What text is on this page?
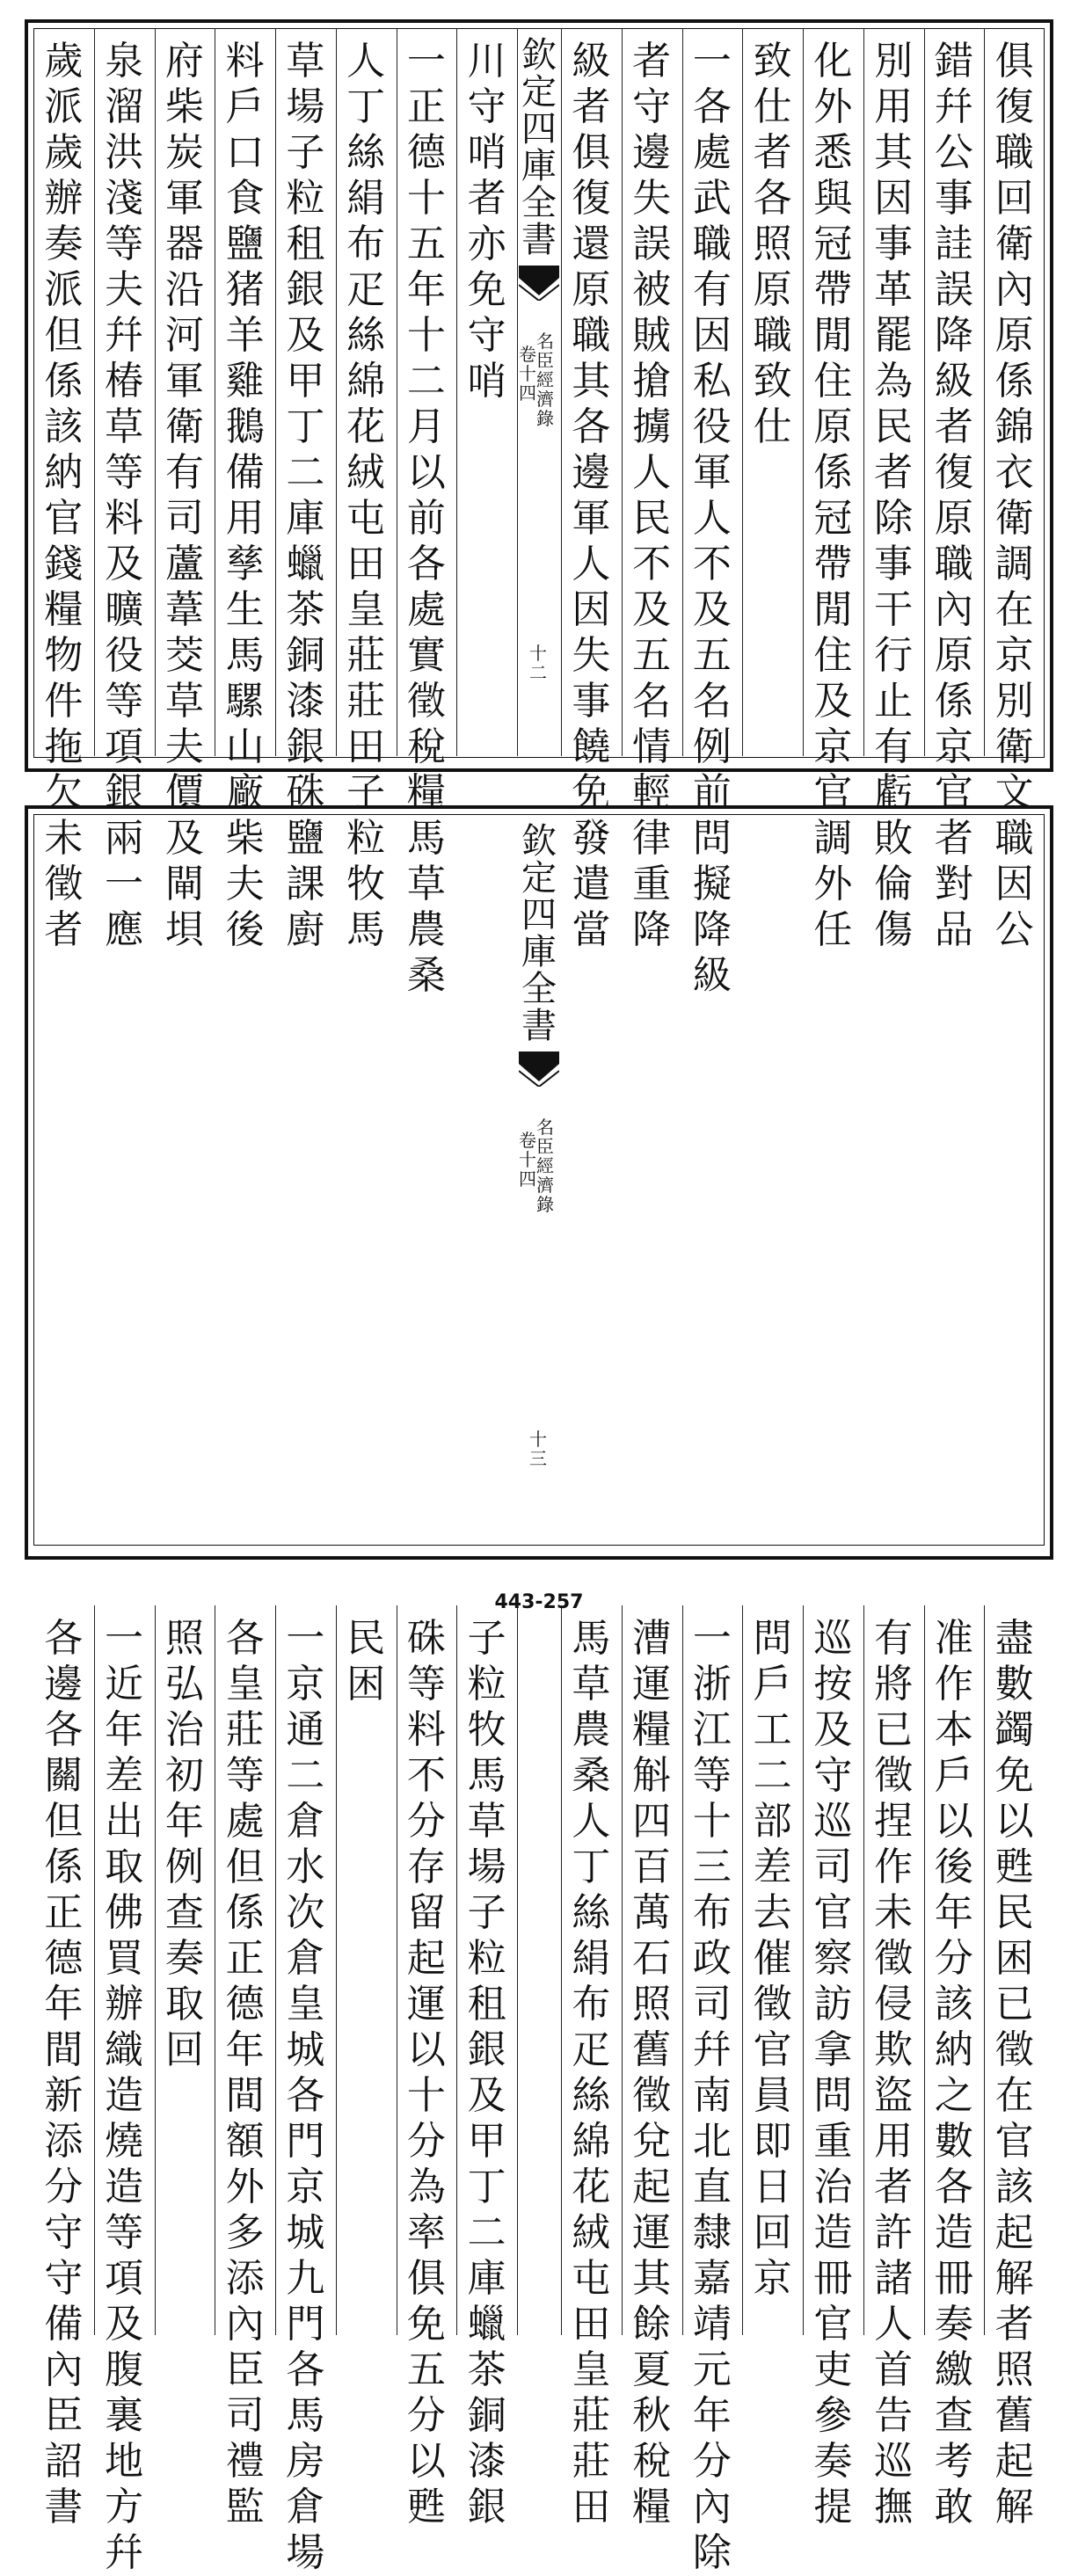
俱
復
職
回
衛
內
原
係
錦
衣
衛
調
在
京
別
衛
文
職
因
公
錯
幷
公
事
詿
誤
降
級
者
復
原
職
內
原
係
京
官
者
對
品
別
用
其
因
事
革
罷
為
民
者
除
事
干
行
止
有
虧
敗
倫
傷
化
外
悉
與
冠
帶
閒
住
原
係
冠
帶
閒
住
及
京
官
調
外
任
致
仕
者
各
照
原
職
致
仕
一
各
處
武
職
有
因
私
役
軍
人
不
及
五
名
例
前
問
擬
降
級
者
守
邊
失
誤
被
賊
搶
擄
人
民
不
及
五
名
情
輕
律
重
降
級
者
俱
復
還
原
職
其
各
邊
軍
人
因
失
事
饒
免
發
遣
當
川
守
哨
者
亦
免
守
哨
一
正
德
十
五
年
十
二
月
以
前
各
處
實
徵
稅
糧
馬
草
農
桑
人
丁
絲
絹
布
疋
絲
綿
花
絨
屯
田
皇
莊
莊
田
子
粒
牧
馬
草
場
子
粒
租
銀
及
甲
丁
二
庫
蠟
茶
銅
漆
銀
硃
鹽
課
廚
料
戶
口
食
鹽
猪
羊
雞
鵝
備
用
孳
生
馬
騾
山
廠
柴
夫
後
府
柴
炭
軍
器
沿
河
軍
衛
有
司
蘆
葦
茭
草
夫
價
及
閘
垻
泉
溜
洪
淺
等
夫
幷
椿
草
等
料
及
曠
役
等
項
銀
兩
一
應
歲
派
歲
辦
奏
派
但
係
該
納
官
錢
糧
物
件
拖
欠
未
徵
者
欽
定
四
庫
全
書
名
臣
經
濟
錄
卷
十
四
十
二
盡
數
蠲
免
以
甦
民
困
已
徵
在
官
該
起
解
者
照
舊
起
解
准
作
本
戶
以
後
年
分
該
納
之
數
各
造
冊
奏
繳
查
考
敢
有
將
已
徵
捏
作
未
徵
侵
欺
盜
用
者
許
諸
人
首
告
巡
撫
巡
按
及
守
巡
司
官
察
訪
拿
問
重
治
造
冊
官
吏
參
奏
提
問
戶
工
二
部
差
去
催
徵
官
員
即
日
回
京
一
浙
江
等
十
三
布
政
司
幷
南
北
直
隸
嘉
靖
元
年
分
內
除
漕
運
糧
斛
四
百
萬
石
照
舊
徵
兌
起
運
其
餘
夏
秋
稅
糧
馬
草
農
桑
人
丁
絲
絹
布
疋
絲
綿
花
絨
屯
田
皇
莊
莊
田
子
粒
牧
馬
草
場
子
粒
租
銀
及
甲
丁
二
庫
蠟
茶
銅
漆
銀
硃
等
料
不
分
存
留
起
運
以
十
分
為
率
俱
免
五
分
以
甦
民
困
一
京
通
二
倉
水
次
倉
皇
城
各
門
京
城
九
門
各
馬
房
倉
場
各
皇
莊
等
處
但
係
正
德
年
間
額
外
多
添
內
臣
司
禮
監
照
弘
治
初
年
例
查
奏
取
回
一
近
年
差
出
取
佛
買
辦
織
造
燒
造
等
項
及
腹
裏
地
方
幷
各
邊
各
關
但
係
正
德
年
間
新
添
分
守
守
備
內
臣
詔
書
欽
定
四
庫
全
書
名
臣
經
濟
錄
卷
十
四
十
三
443-257
